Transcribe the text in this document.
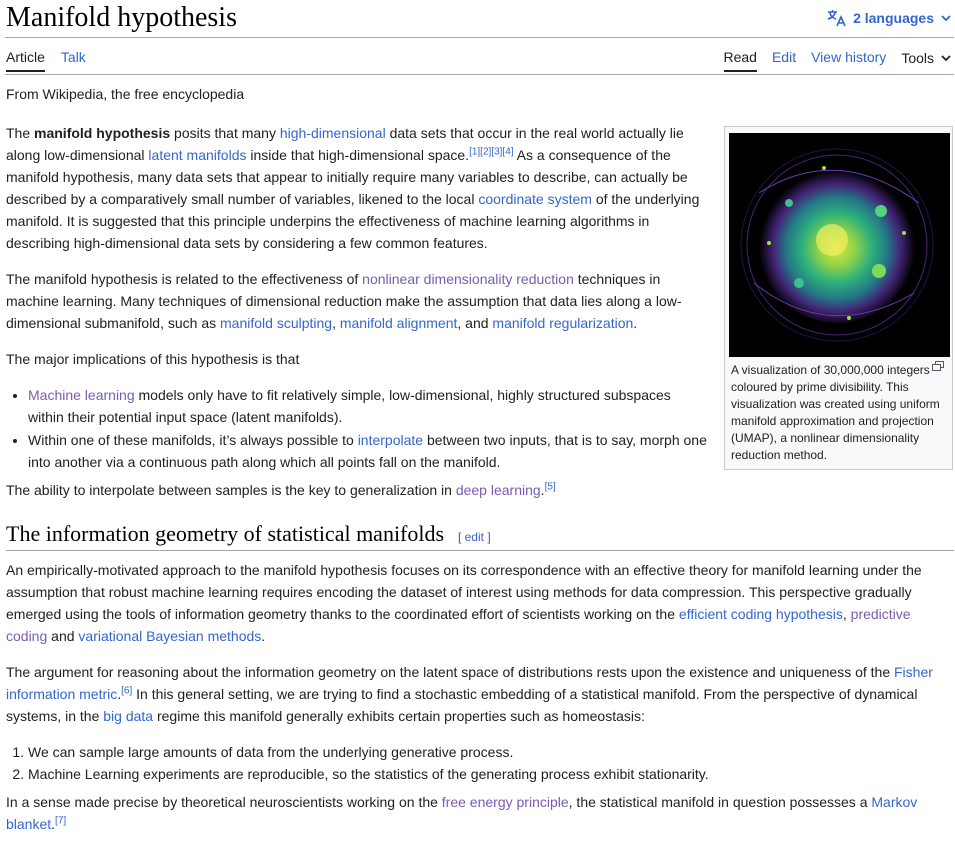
Manifold hypothesis	2 languages
Article Talk	Read Edit View history Tools
From Wikipedia, the free encyclopedia

The manifold hypothesis posits that many high-dimensional data sets that occur in the real world actually lie along low-dimensional latent manifolds inside that high-dimensional space.[1][2][3][4] As a consequence of the manifold hypothesis, many data sets that appear to initially require many variables to describe, can actually be described by a comparatively small number of variables, likened to the local coordinate system of the underlying manifold. It is suggested that this principle underpins the effectiveness of machine learning algorithms in describing high-dimensional data sets by considering a few common features.

The manifold hypothesis is related to the effectiveness of nonlinear dimensionality reduction techniques in machine learning. Many techniques of dimensional reduction make the assumption that data lies along a low-dimensional submanifold, such as manifold sculpting, manifold alignment, and manifold regularization.

The major implications of this hypothesis is that

• Machine learning models only have to fit relatively simple, low-dimensional, highly structured subspaces within their potential input space (latent manifolds).
• Within one of these manifolds, it’s always possible to interpolate between two inputs, that is to say, morph one into another via a continuous path along which all points fall on the manifold.

The ability to interpolate between samples is the key to generalization in deep learning.[5]

A visualization of 30,000,000 integers coloured by prime divisibility. This visualization was created using uniform manifold approximation and projection (UMAP), a nonlinear dimensionality reduction method.
The information geometry of statistical manifolds [ edit ]

An empirically-motivated approach to the manifold hypothesis focuses on its correspondence with an effective theory for manifold learning under the assumption that robust machine learning requires encoding the dataset of interest using methods for data compression. This perspective gradually emerged using the tools of information geometry thanks to the coordinated effort of scientists working on the efficient coding hypothesis, predictive coding and variational Bayesian methods.

The argument for reasoning about the information geometry on the latent space of distributions rests upon the existence and uniqueness of the Fisher information metric.[6] In this general setting, we are trying to find a stochastic embedding of a statistical manifold. From the perspective of dynamical systems, in the big data regime this manifold generally exhibits certain properties such as homeostasis:

1. We can sample large amounts of data from the underlying generative process.
2. Machine Learning experiments are reproducible, so the statistics of the generating process exhibit stationarity.

In a sense made precise by theoretical neuroscientists working on the free energy principle, the statistical manifold in question possesses a Markov blanket.[7]
